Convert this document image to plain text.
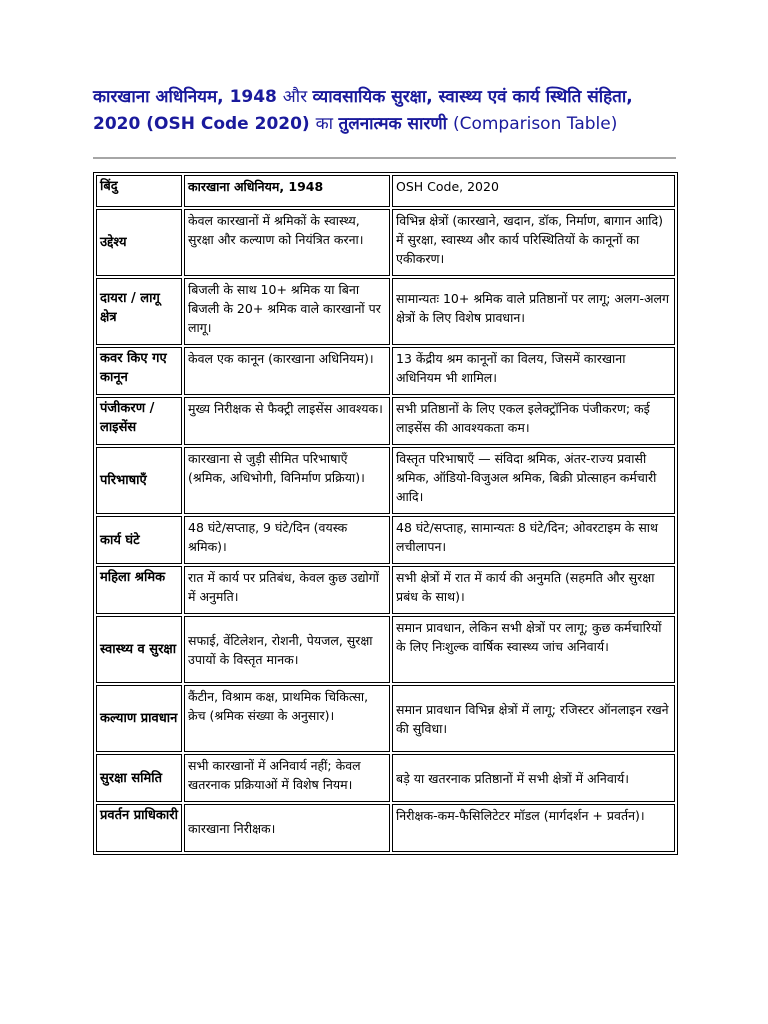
कारखाना अधिनियम, 1948 और व्यावसायिक सुरक्षा, स्वास्थ्य एवं कार्य स्थिति संहिता, 2020 (OSH Code 2020) का तुलनात्मक सारणी (Comparison Table)
बिंदु	कारखाना अधिनियम, 1948	OSH Code, 2020
उद्देश्य	केवल कारखानों में श्रमिकों के स्वास्थ्य, सुरक्षा और कल्याण को नियंत्रित करना।	विभिन्न क्षेत्रों (कारखाने, खदान, डॉक, निर्माण, बागान आदि) में सुरक्षा, स्वास्थ्य और कार्य परिस्थितियों के कानूनों का एकीकरण।
दायरा / लागू क्षेत्र	बिजली के साथ 10+ श्रमिक या बिना बिजली के 20+ श्रमिक वाले कारखानों पर लागू।	सामान्यतः 10+ श्रमिक वाले प्रतिष्ठानों पर लागू; अलग-अलग क्षेत्रों के लिए विशेष प्रावधान।
कवर किए गए कानून	केवल एक कानून (कारखाना अधिनियम)।	13 केंद्रीय श्रम कानूनों का विलय, जिसमें कारखाना अधिनियम भी शामिल।
पंजीकरण / लाइसेंस	मुख्य निरीक्षक से फैक्ट्री लाइसेंस आवश्यक।	सभी प्रतिष्ठानों के लिए एकल इलेक्ट्रॉनिक पंजीकरण; कई लाइसेंस की आवश्यकता कम।
परिभाषाएँ	कारखाना से जुड़ी सीमित परिभाषाएँ (श्रमिक, अधिभोगी, विनिर्माण प्रक्रिया)।	विस्तृत परिभाषाएँ — संविदा श्रमिक, अंतर-राज्य प्रवासी श्रमिक, ऑडियो-विजुअल श्रमिक, बिक्री प्रोत्साहन कर्मचारी आदि।
कार्य घंटे	48 घंटे/सप्ताह, 9 घंटे/दिन (वयस्क श्रमिक)।	48 घंटे/सप्ताह, सामान्यतः 8 घंटे/दिन; ओवरटाइम के साथ लचीलापन।
महिला श्रमिक	रात में कार्य पर प्रतिबंध, केवल कुछ उद्योगों में अनुमति।	सभी क्षेत्रों में रात में कार्य की अनुमति (सहमति और सुरक्षा प्रबंध के साथ)।
स्वास्थ्य व सुरक्षा	सफाई, वेंटिलेशन, रोशनी, पेयजल, सुरक्षा उपायों के विस्तृत मानक।	समान प्रावधान, लेकिन सभी क्षेत्रों पर लागू; कुछ कर्मचारियों के लिए निःशुल्क वार्षिक स्वास्थ्य जांच अनिवार्य।
कल्याण प्रावधान	कैंटीन, विश्राम कक्ष, प्राथमिक चिकित्सा, क्रेच (श्रमिक संख्या के अनुसार)।	समान प्रावधान विभिन्न क्षेत्रों में लागू; रजिस्टर ऑनलाइन रखने की सुविधा।
सुरक्षा समिति	सभी कारखानों में अनिवार्य नहीं; केवल खतरनाक प्रक्रियाओं में विशेष नियम।	बड़े या खतरनाक प्रतिष्ठानों में सभी क्षेत्रों में अनिवार्य।
प्रवर्तन प्राधिकारी	कारखाना निरीक्षक।	निरीक्षक-कम-फैसिलिटेटर मॉडल (मार्गदर्शन + प्रवर्तन)।
